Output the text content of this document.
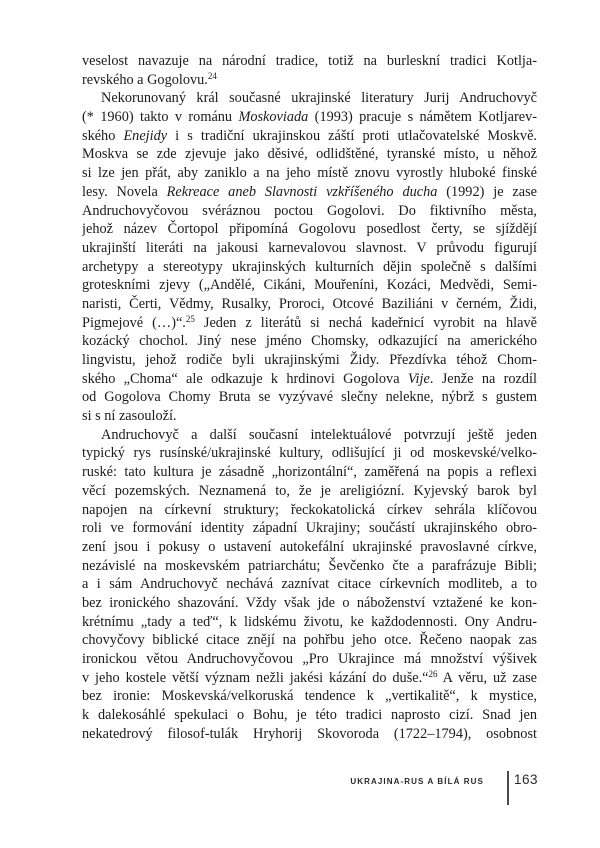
veselost navazuje na národní tradice, totiž na burleskní tradici Kotlja-
revského a Gogolovu.$^{24}$
Nekorunovaný král současné ukrajinské literatury Jurij Andruchovyč
(* 1960) takto v románu Moskoviada (1993) pracuje s námětem Kotljarev-
ského Enejidy i s tradiční ukrajinskou záští proti utlačovatelské Moskvě.
Moskva se zde zjevuje jako děsivé, odlidštěné, tyranské místo, u něhož
si lze jen přát, aby zaniklo a na jeho místě znovu vyrostly hluboké finské
lesy. Novela Rekreace aneb Slavnosti vzkříšeného ducha (1992) je zase
Andruchovyčovou svéráznou poctou Gogolovi. Do fiktivního města,
jehož název Čortopol připomíná Gogolovu posedlost čerty, se sjíždějí
ukrajinští literáti na jakousi karnevalovou slavnost. V průvodu figurují
archetypy a stereotypy ukrajinských kulturních dějin společně s dalšími
groteskními zjevy („Andělé, Cikáni, Mouřeníni, Kozáci, Medvědi, Semi-
naristi, Čerti, Vědmy, Rusalky, Proroci, Otcové Baziliáni v černém, Židi,
Pigmejové (…)“.$^{25}$ Jeden z literátů si nechá kadeřnicí vyrobit na hlavě
kozácký chochol. Jiný nese jméno Chomsky, odkazující na amerického
lingvistu, jehož rodiče byli ukrajinskými Židy. Přezdívka téhož Chom-
ského „Choma“ ale odkazuje k hrdinovi Gogolova Vije. Jenže na rozdíl
od Gogolova Chomy Bruta se vyzývavé slečny nelekne, nýbrž s gustem
si s ní zasouloží.
Andruchovyč a další současní intelektuálové potvrzují ještě jeden
typický rys rusínské/ukrajinské kultury, odlišující ji od moskevské/velko-
ruské: tato kultura je zásadně „horizontální“, zaměřená na popis a reflexi
věcí pozemských. Neznamená to, že je areligiózní. Kyjevský barok byl
napojen na církevní struktury; řeckokatolická církev sehrála klíčovou
roli ve formování identity západní Ukrajiny; součástí ukrajinského obro-
zení jsou i pokusy o ustavení autokefální ukrajinské pravoslavné církve,
nezávislé na moskevském patriarchátu; Ševčenko čte a parafrázuje Bibli;
a i sám Andruchovyč nechává zaznívat citace církevních modliteb, a to
bez ironického shazování. Vždy však jde o náboženství vztažené ke kon-
krétnímu „tady a teď“, k lidskému životu, ke každodennosti. Ony Andru-
chovyčovy biblické citace znějí na pohřbu jeho otce. Řečeno naopak zas
ironickou větou Andruchovyčovou „Pro Ukrajince má množství výšivek
v jeho kostele větší význam nežli jakési kázání do duše.“$^{26}$ A věru, už zase
bez ironie: Moskevská/velkoruská tendence k „vertikalitě“, k mystice,
k dalekosáhlé spekulaci o Bohu, je této tradici naprosto cizí. Snad jen
nekatedrový filosof-tulák Hryhorij Skovoroda (1722–1794), osobnost
UKRAJINA-RUS A BÍLÁ RUS 163
